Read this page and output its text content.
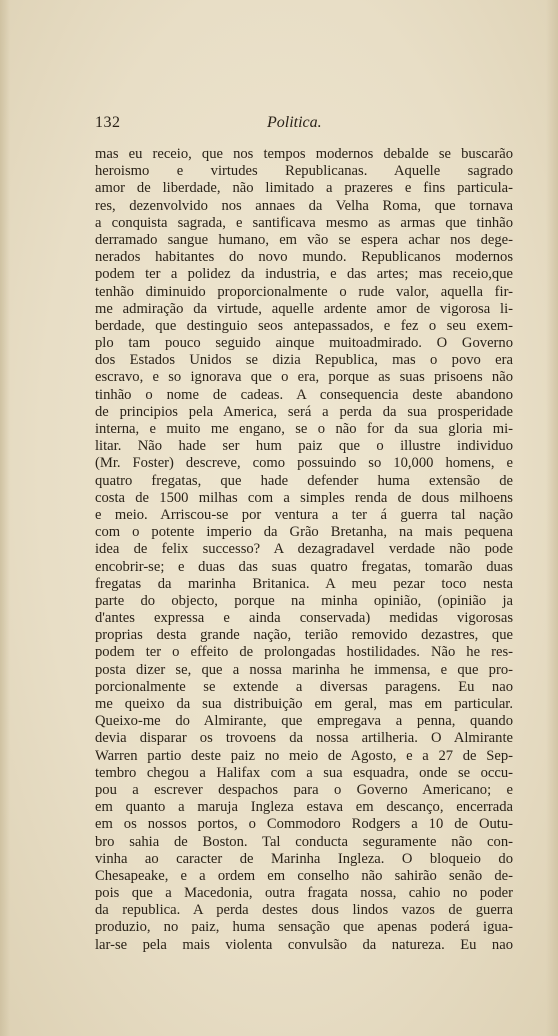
132	Politica.
mas eu receio, que nos tempos modernos debalde se buscarão
heroismo e virtudes Republicanas. Aquelle sagrado
amor de liberdade, não limitado a prazeres e fins particula-
res, dezenvolvido nos annaes da Velha Roma, que tornava
a conquista sagrada, e santificava mesmo as armas que tinhão
derramado sangue humano, em vão se espera achar nos dege-
nerados habitantes do novo mundo. Republicanos modernos
podem ter a polidez da industria, e das artes; mas receio,que
tenhão diminuido proporcionalmente o rude valor, aquella fir-
me admiração da virtude, aquelle ardente amor de vigorosa li-
berdade, que destinguio seos antepassados, e fez o seu exem-
plo tam pouco seguido ainque muitoadmirado. O Governo
dos Estados Unidos se dizia Republica, mas o povo era
escravo, e so ignorava que o era, porque as suas prisoens não
tinhão o nome de cadeas. A consequencia deste abandono
de principios pela America, será a perda da sua prosperidade
interna, e muito me engano, se o não for da sua gloria mi-
litar. Não hade ser hum paiz que o illustre individuo
(Mr. Foster) descreve, como possuindo so 10,000 homens, e
quatro fregatas, que hade defender huma extensão de
costa de 1500 milhas com a simples renda de dous milhoens
e meio. Arriscou-se por ventura a ter á guerra tal nação
com o potente imperio da Grão Bretanha, na mais pequena
idea de felix successo? A dezagradavel verdade não pode
encobrir-se; e duas das suas quatro fregatas, tomarão duas
fregatas da marinha Britanica. A meu pezar toco nesta
parte do objecto, porque na minha opinião, (opinião ja
d'antes expressa e ainda conservada) medidas vigorosas
proprias desta grande nação, terião removido dezastres, que
podem ter o effeito de prolongadas hostilidades. Não he res-
posta dizer se, que a nossa marinha he immensa, e que pro-
porcionalmente se extende a diversas paragens. Eu nao
me queixo da sua distribuição em geral, mas em particular.
Queixo-me do Almirante, que empregava a penna, quando
devia disparar os trovoens da nossa artilheria. O Almirante
Warren partio deste paiz no meio de Agosto, e a 27 de Sep-
tembro chegou a Halifax com a sua esquadra, onde se occu-
pou a escrever despachos para o Governo Americano; e
em quanto a maruja Ingleza estava em descanço, encerrada
em os nossos portos, o Commodoro Rodgers a 10 de Outu-
bro sahia de Boston. Tal conducta seguramente não con-
vinha ao caracter de Marinha Ingleza. O bloqueio do
Chesapeake, e a ordem em conselho não sahirão senão de-
pois que a Macedonia, outra fragata nossa, cahio no poder
da republica. A perda destes dous lindos vazos de guerra
produzio, no paiz, huma sensação que apenas poderá igua-
lar-se pela mais violenta convulsão da natureza. Eu nao
